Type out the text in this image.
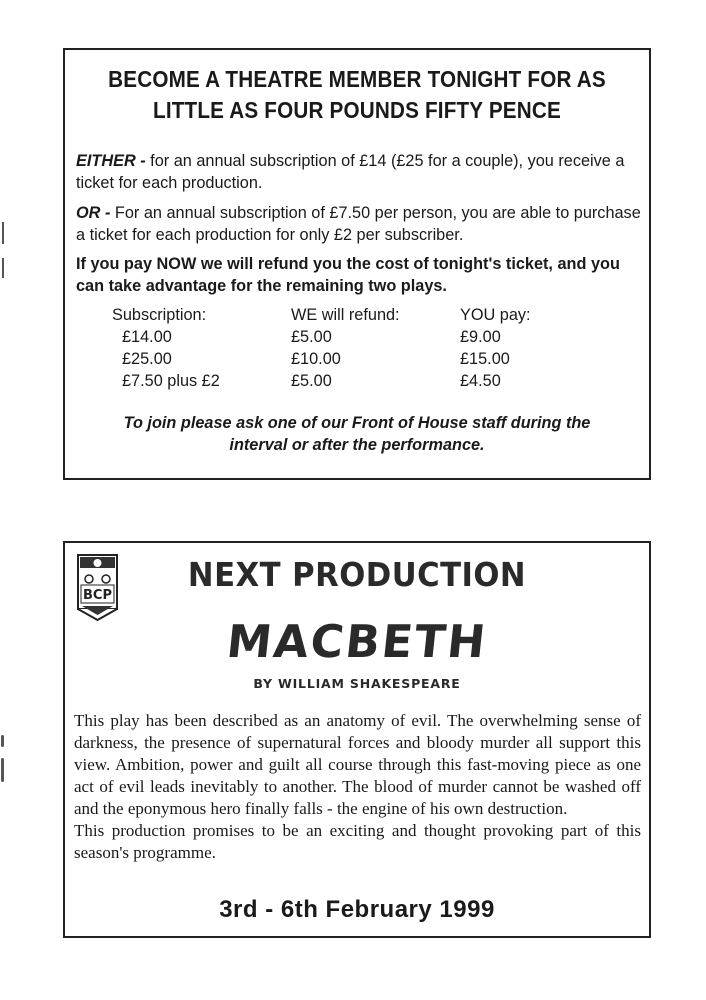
BECOME A THEATRE MEMBER TONIGHT FOR AS
LITTLE AS FOUR POUNDS FIFTY PENCE
EITHER - for an annual subscription of £14 (£25 for a couple), you receive a ticket for each production.
OR - For an annual subscription of £7.50 per person, you are able to purchase a ticket for each production for only £2 per subscriber.
If you pay NOW we will refund you the cost of tonight's ticket, and you can take advantage for the remaining two plays.
Subscription:
£14.00
£25.00
£7.50 plus £2
WE will refund:
£5.00
£10.00
£5.00
YOU pay:
£9.00
£15.00
£4.50
To join please ask one of our Front of House staff during the
interval or after the performance.
BCP
NEXT PRODUCTION
MACBETH
BY WILLIAM SHAKESPEARE

This play has been described as an anatomy of evil. The overwhelming sense of darkness, the presence of supernatural forces and bloody murder all support this view. Ambition, power and guilt all course through this fast-moving piece as one act of evil leads inevitably to another. The blood of murder cannot be washed off and the eponymous hero finally falls - the engine of his own destruction.

This production promises to be an exciting and thought provoking part of this season's programme.

3rd - 6th February 1999
